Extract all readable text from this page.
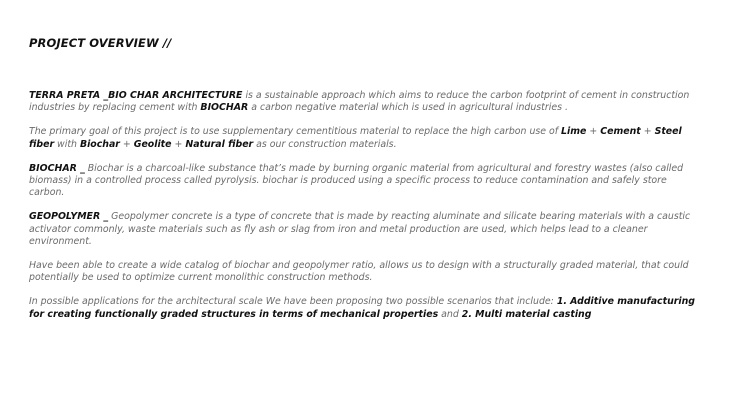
PROJECT OVERVIEW //

TERRA PRETA _BIO CHAR ARCHITECTURE is a sustainable approach which aims to reduce the carbon footprint of cement in construction industries by replacing cement with BIOCHAR a carbon negative material which is used in agricultural industries .

The primary goal of this project is to use supplementary cementitious material to replace the high carbon use of Lime + Cement + Steel fiber with Biochar + Geolite + Natural fiber as our construction materials.

BIOCHAR _ Biochar is a charcoal-like substance that’s made by burning organic material from agricultural and forestry wastes (also called biomass) in a controlled process called pyrolysis. biochar is produced using a specific process to reduce contamination and safely store carbon.

GEOPOLYMER _ Geopolymer concrete is a type of concrete that is made by reacting aluminate and silicate bearing materials with a caustic activator commonly, waste materials such as fly ash or slag from iron and metal production are used, which helps lead to a cleaner environment.

Have been able to create a wide catalog of biochar and geopolymer ratio, allows us to design with a structurally graded material, that could potentially be used to optimize current monolithic construction methods.

In possible applications for the architectural scale We have been proposing two possible scenarios that include: 1. Additive manufacturing for creating functionally graded structures in terms of mechanical properties and 2. Multi material casting
